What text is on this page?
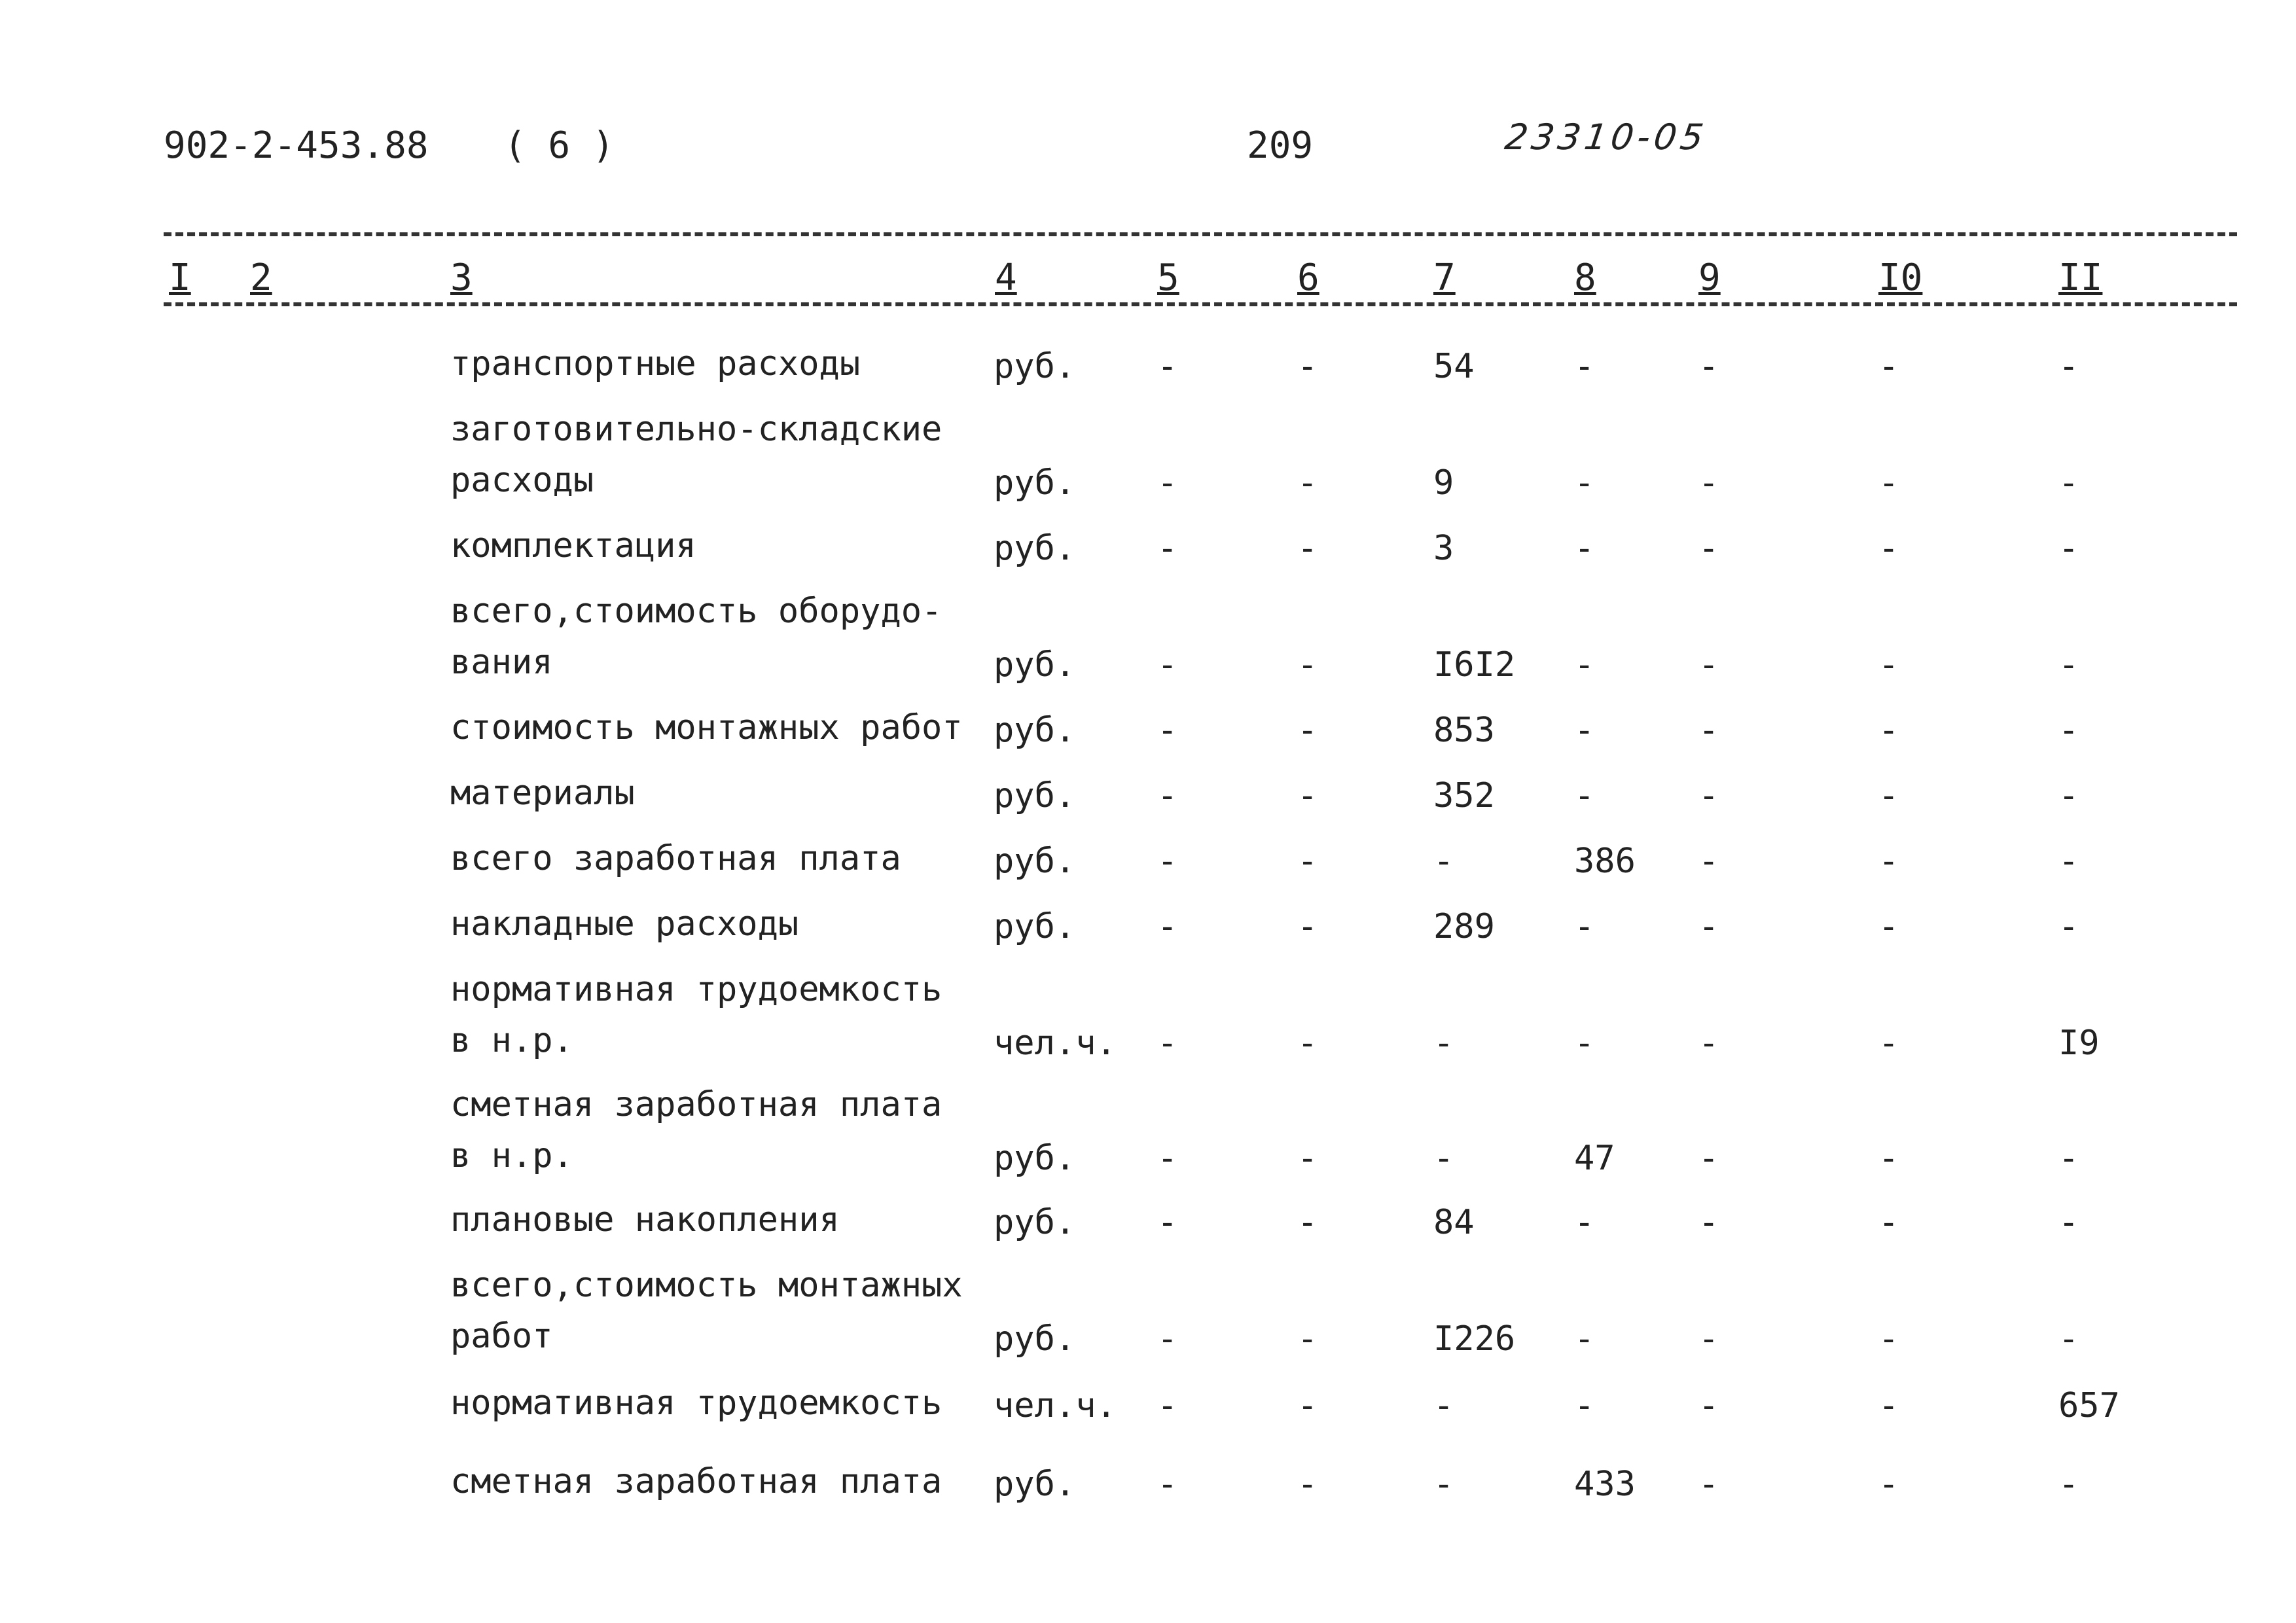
902-2-453.88 ( 6 )	209	23310-05
I 2	3	4	5	6	7	8	9	I0	II
транспортные расходы	руб. -	-	54	-	-	-	-
заготовительно-складские
расходы	руб. -	-	9	-	-	-	-
комплектация	руб. -	-	3	-	-	-	-
всего,стоимость оборудо-
вания	руб. -	-	I6I2 -	-	-	-
стоимость монтажных работ руб. -	-	853 -	-	-	-
материалы	руб. -	-	352 -	-	-	-
всего заработная плата	руб. -	-	-	386 -	-	-
накладные расходы	руб. -	-	289 -	-	-	-
нормативная трудоемкость
в н.р.	чел.ч. -	-	-	-	-	-	I9
сметная заработная плата
в н.р.	руб. -	-	-	47 -	-	-
плановые накопления	руб. -	-	84	-	-	-	-
всего,стоимость монтажных
работ	руб. -	-	I226 -	-	-	-
нормативная трудоемкость чел.ч. -	-	-	-	-	-	657
сметная заработная плата руб. -	-	-	433 -	-	-
